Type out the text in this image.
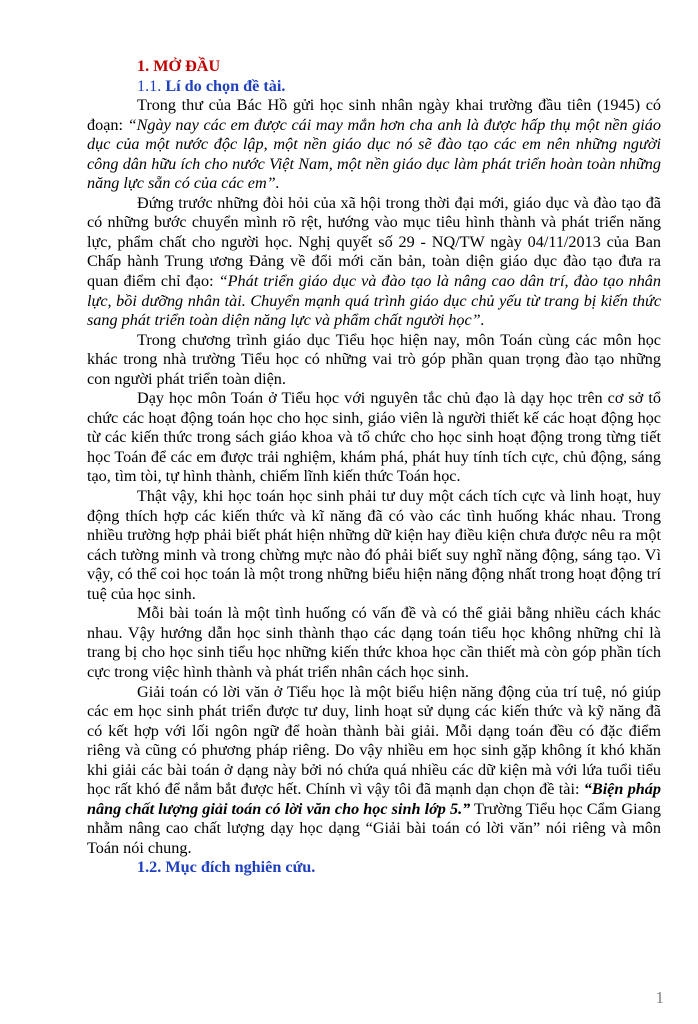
1. MỞ ĐẦU
1.1. Lí do chọn đề tài.

Trong thư của Bác Hồ gửi học sinh nhân ngày khai trường đầu tiên (1945) có đoạn: “Ngày nay các em được cái may mắn hơn cha anh là được hấp thụ một nền giáo dục của một nước độc lập, một nền giáo dục nó sẽ đào tạo các em nên những người công dân hữu ích cho nước Việt Nam, một nền giáo dục làm phát triển hoàn toàn những năng lực sẵn có của các em”.

Đứng trước những đòi hỏi của xã hội trong thời đại mới, giáo dục và đào tạo đã có những bước chuyển mình rõ rệt, hướng vào mục tiêu hình thành và phát triển năng lực, phẩm chất cho người học. Nghị quyết số 29 - NQ/TW ngày 04/11/2013 của Ban Chấp hành Trung ương Đảng về đổi mới căn bản, toàn diện giáo dục đào tạo đưa ra quan điểm chỉ đạo: “Phát triển giáo dục và đào tạo là nâng cao dân trí, đào tạo nhân lực, bồi dưỡng nhân tài. Chuyển mạnh quá trình giáo dục chủ yếu từ trang bị kiến thức sang phát triển toàn diện năng lực và phẩm chất người học”.

Trong chương trình giáo dục Tiểu học hiện nay, môn Toán cùng các môn học khác trong nhà trường Tiểu học có những vai trò góp phần quan trọng đào tạo những con người phát triển toàn diện.

Dạy học môn Toán ở Tiểu học với nguyên tắc chủ đạo là dạy học trên cơ sở tổ chức các hoạt động toán học cho học sinh, giáo viên là người thiết kế các hoạt động học từ các kiến thức trong sách giáo khoa và tổ chức cho học sinh hoạt động trong từng tiết học Toán để các em được trải nghiệm, khám phá, phát huy tính tích cực, chủ động, sáng tạo, tìm tòi, tự hình thành, chiếm lĩnh kiến thức Toán học.

Thật vậy, khi học toán học sinh phải tư duy một cách tích cực và linh hoạt, huy động thích hợp các kiến thức và kĩ năng đã có vào các tình huống khác nhau. Trong nhiều trường hợp phải biết phát hiện những dữ kiện hay điều kiện chưa được nêu ra một cách tường minh và trong chừng mực nào đó phải biết suy nghĩ năng động, sáng tạo. Vì vậy, có thể coi học toán là một trong những biểu hiện năng động nhất trong hoạt động trí tuệ của học sinh.

Mỗi bài toán là một tình huống có vấn đề và có thể giải bằng nhiều cách khác nhau. Vậy hướng dẫn học sinh thành thạo các dạng toán tiểu học không những chỉ là trang bị cho học sinh tiểu học những kiến thức khoa học cần thiết mà còn góp phần tích cực trong việc hình thành và phát triển nhân cách học sinh.

Giải toán có lời văn ở Tiểu học là một biểu hiện năng động của trí tuệ, nó giúp các em học sinh phát triển được tư duy, linh hoạt sử dụng các kiến thức và kỹ năng đã có kết hợp với lối ngôn ngữ để hoàn thành bài giải. Mỗi dạng toán đều có đặc điểm riêng và cũng có phương pháp riêng. Do vậy nhiều em học sinh gặp không ít khó khăn khi giải các bài toán ở dạng này bởi nó chứa quá nhiều các dữ kiện mà với lứa tuổi tiểu học rất khó để nắm bắt được hết. Chính vì vậy tôi đã mạnh dạn chọn đề tài: “Biện pháp nâng chất lượng giải toán có lời văn cho học sinh lớp 5.” Trường Tiểu học Cẩm Giang nhằm nâng cao chất lượng dạy học dạng “Giải bài toán có lời văn” nói riêng và môn Toán nói chung.

1.2. Mục đích nghiên cứu.
1
